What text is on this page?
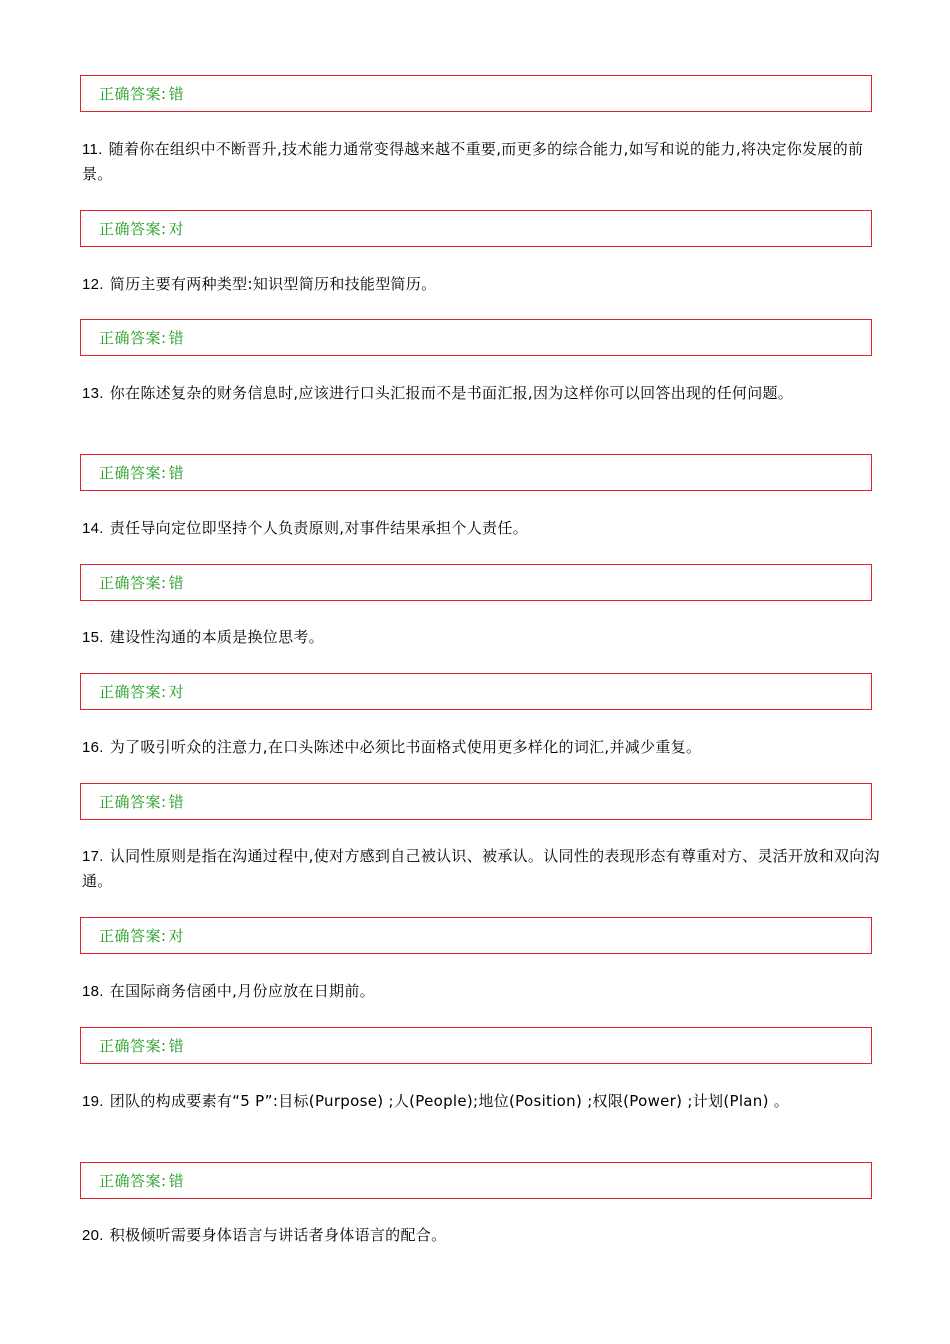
正确答案: 错
11. 随着你在组织中不断晋升,技术能力通常变得越来越不重要,而更多的综合能力,如写和说的能力,将决定你发展的前景。
正确答案: 对
12. 简历主要有两种类型:知识型简历和技能型简历。
正确答案: 错
13. 你在陈述复杂的财务信息时,应该进行口头汇报而不是书面汇报,因为这样你可以回答出现的任何问题。
正确答案: 错
14. 责任导向定位即坚持个人负责原则,对事件结果承担个人责任。
正确答案: 错
15. 建设性沟通的本质是换位思考。
正确答案: 对
16. 为了吸引听众的注意力,在口头陈述中必须比书面格式使用更多样化的词汇,并减少重复。
正确答案: 错
17. 认同性原则是指在沟通过程中,使对方感到自己被认识、被承认。认同性的表现形态有尊重对方、灵活开放和双向沟通。
正确答案: 对
18. 在国际商务信函中,月份应放在日期前。
正确答案: 错
19. 团队的构成要素有“5 P”:目标(Purpose) ;人(People);地位(Position) ;权限(Power) ;计划(Plan) 。
正确答案: 错
20. 积极倾听需要身体语言与讲话者身体语言的配合。
